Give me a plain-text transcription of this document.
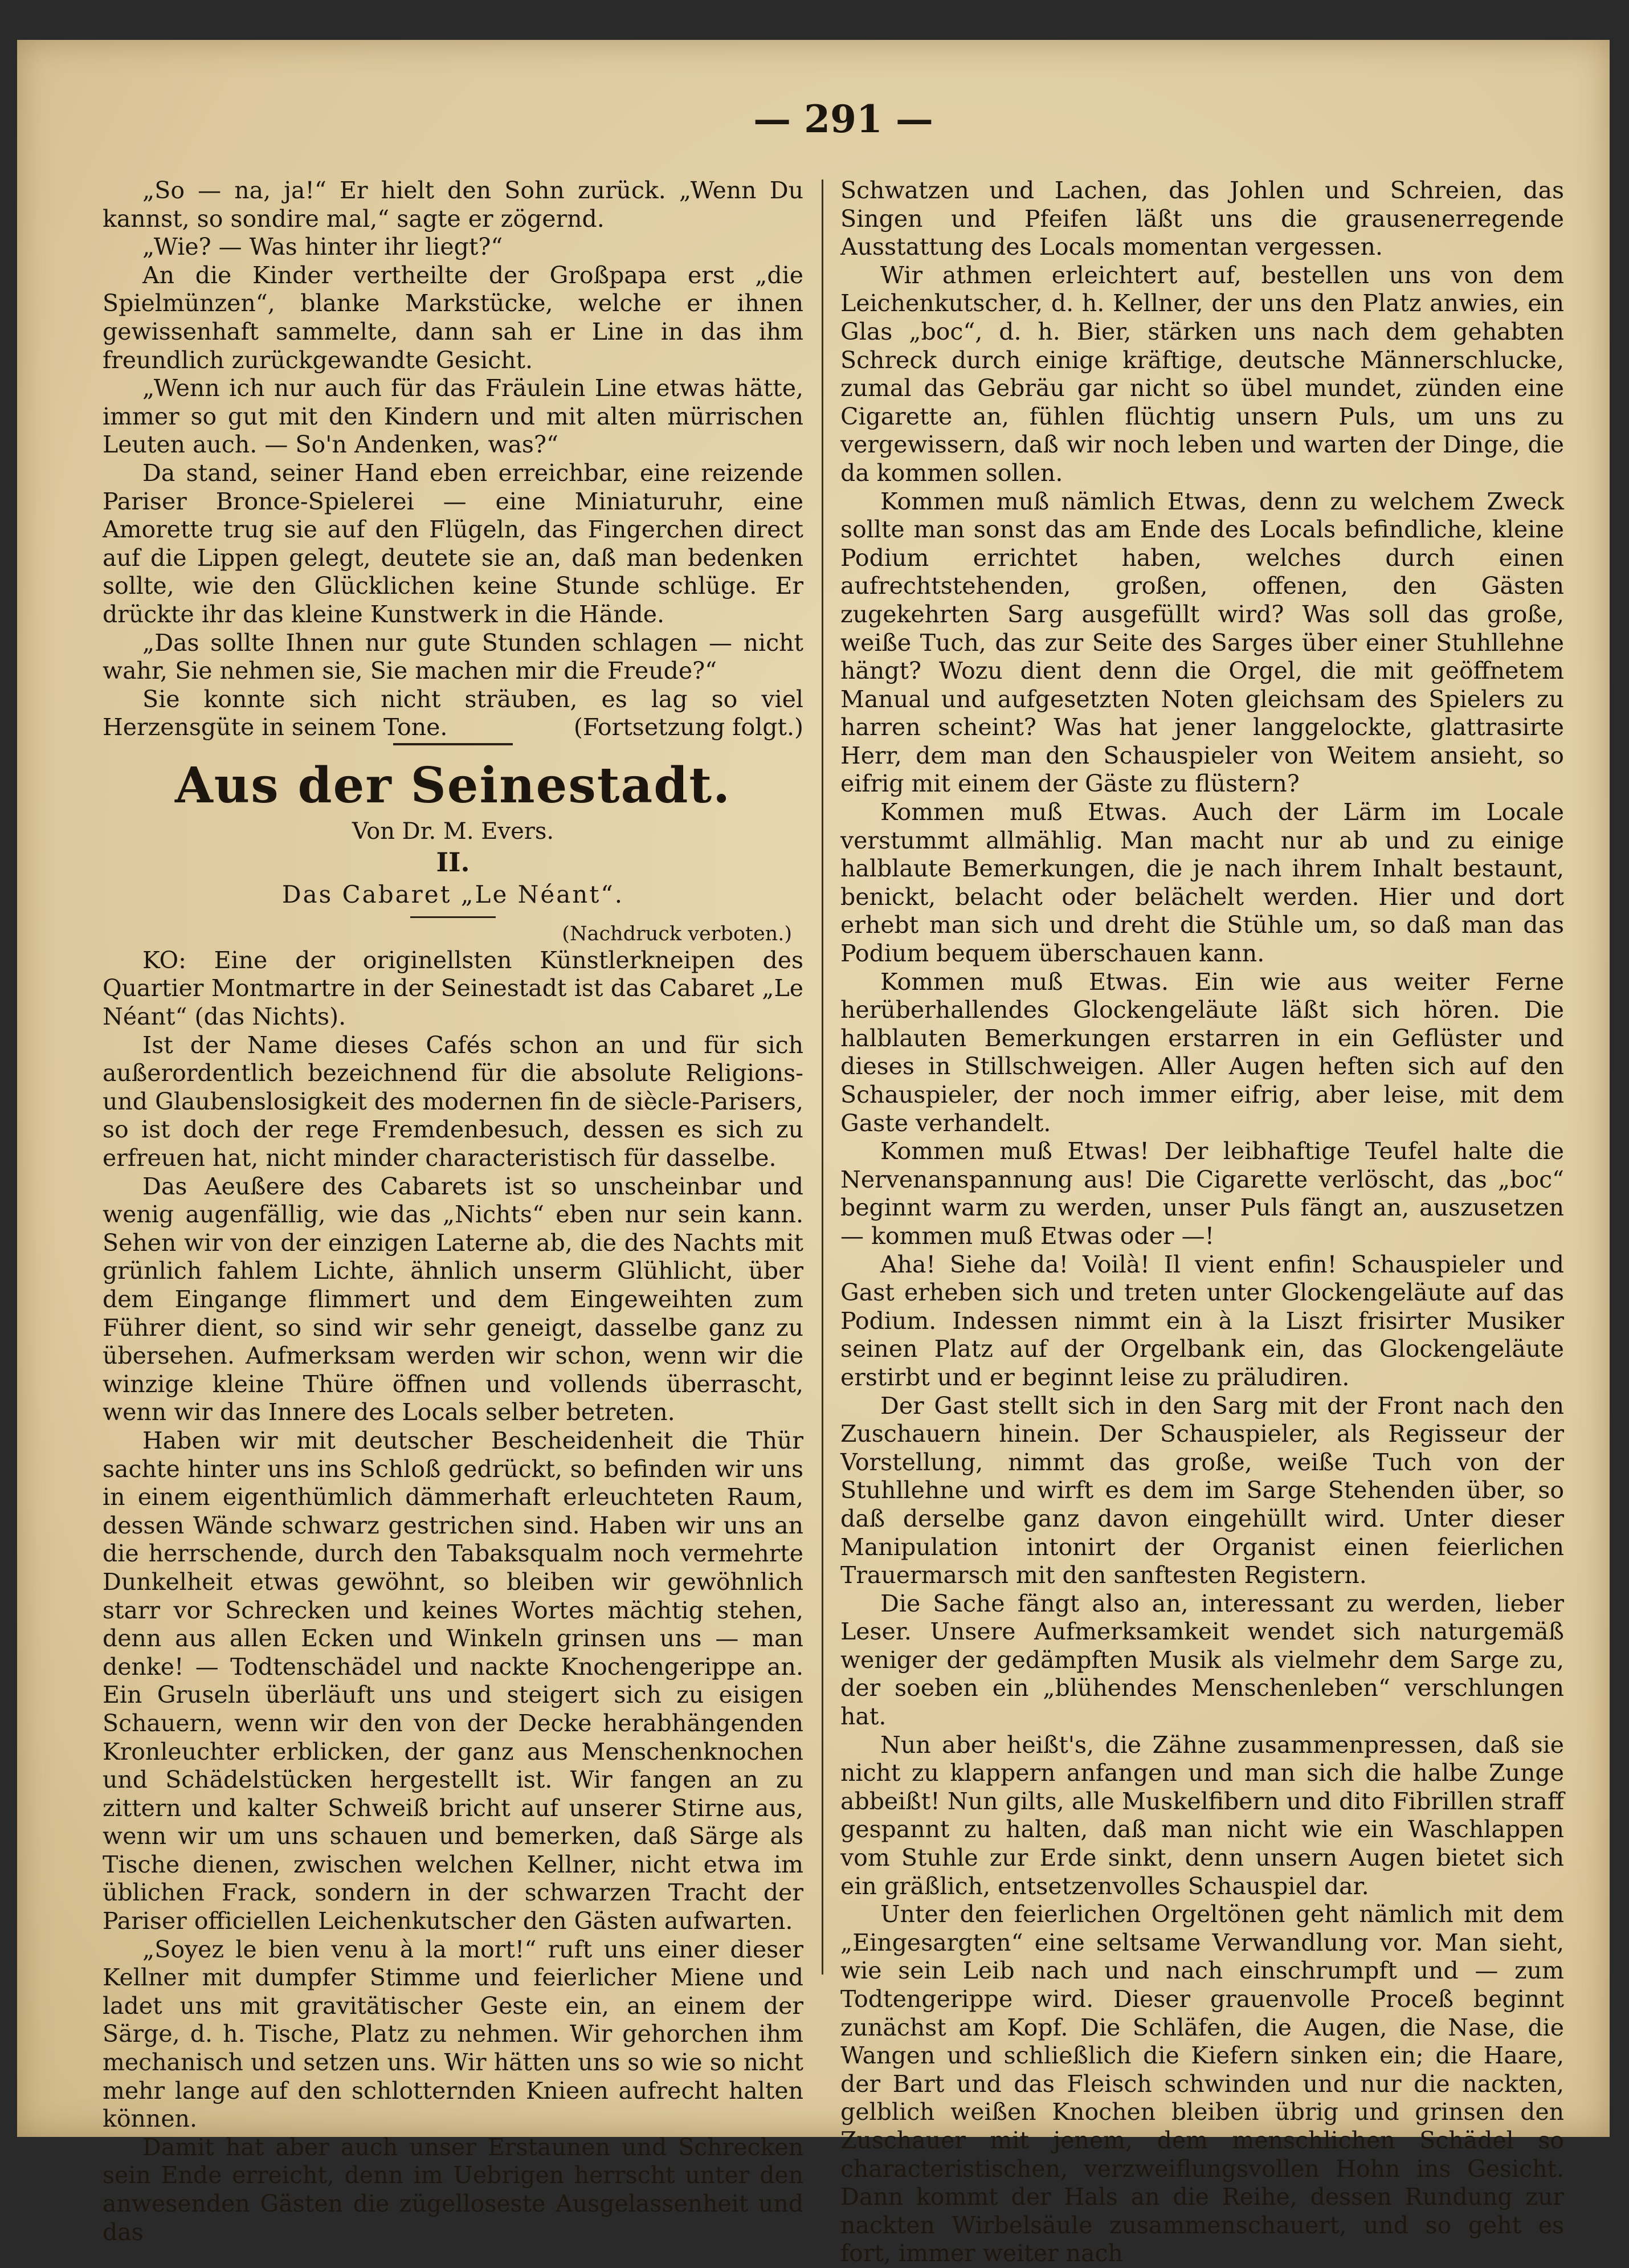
— 291 —

„So — na, ja!“ Er hielt den Sohn zurück. „Wenn Du kannst, so sondire mal,“ sagte er zögernd.

„Wie? — Was hinter ihr liegt?“

An die Kinder vertheilte der Großpapa erst „die Spielmünzen“, blanke Markstücke, welche er ihnen gewissenhaft sammelte, dann sah er Line in das ihm freundlich zurückgewandte Gesicht.

„Wenn ich nur auch für das Fräulein Line etwas hätte, immer so gut mit den Kindern und mit alten mürrischen Leuten auch. — So'n Andenken, was?“

Da stand, seiner Hand eben erreichbar, eine reizende Pariser Bronce-Spielerei — eine Miniaturuhr, eine Amorette trug sie auf den Flügeln, das Fingerchen direct auf die Lippen gelegt, deutete sie an, daß man bedenken sollte, wie den Glücklichen keine Stunde schlüge. Er drückte ihr das kleine Kunstwerk in die Hände.

„Das sollte Ihnen nur gute Stunden schlagen — nicht wahr, Sie nehmen sie, Sie machen mir die Freude?“

Sie konnte sich nicht sträuben, es lag so viel Herzensgüte in seinem Tone.	(Fortsetzung folgt.)

Aus der Seinestadt.
Von Dr. M. Evers.
II.
Das Cabaret „Le Néant“.
(Nachdruck verboten.)

KO: Eine der originellsten Künstlerkneipen des Quartier Montmartre in der Seinestadt ist das Cabaret „Le Néant“ (das Nichts).

Ist der Name dieses Cafés schon an und für sich außerordentlich bezeichnend für die absolute Religions- und Glaubenslosigkeit des modernen fin de siècle-Parisers, so ist doch der rege Fremdenbesuch, dessen es sich zu erfreuen hat, nicht minder characteristisch für dasselbe.

Das Aeußere des Cabarets ist so unscheinbar und wenig augenfällig, wie das „Nichts“ eben nur sein kann. Sehen wir von der einzigen Laterne ab, die des Nachts mit grünlich fahlem Lichte, ähnlich unserm Glühlicht, über dem Eingange flimmert und dem Eingeweihten zum Führer dient, so sind wir sehr geneigt, dasselbe ganz zu übersehen. Aufmerksam werden wir schon, wenn wir die winzige kleine Thüre öffnen und vollends überrascht, wenn wir das Innere des Locals selber betreten.

Haben wir mit deutscher Bescheidenheit die Thür sachte hinter uns ins Schloß gedrückt, so befinden wir uns in einem eigenthümlich dämmerhaft erleuchteten Raum, dessen Wände schwarz gestrichen sind. Haben wir uns an die herrschende, durch den Tabaksqualm noch vermehrte Dunkelheit etwas gewöhnt, so bleiben wir gewöhnlich starr vor Schrecken und keines Wortes mächtig stehen, denn aus allen Ecken und Winkeln grinsen uns — man denke! — Todtenschädel und nackte Knochengerippe an. Ein Gruseln überläuft uns und steigert sich zu eisigen Schauern, wenn wir den von der Decke herabhängenden Kronleuchter erblicken, der ganz aus Menschenknochen und Schädelstücken hergestellt ist. Wir fangen an zu zittern und kalter Schweiß bricht auf unserer Stirne aus, wenn wir um uns schauen und bemerken, daß Särge als Tische dienen, zwischen welchen Kellner, nicht etwa im üblichen Frack, sondern in der schwarzen Tracht der Pariser officiellen Leichenkutscher den Gästen aufwarten.

„Soyez le bien venu à la mort!“ ruft uns einer dieser Kellner mit dumpfer Stimme und feierlicher Miene und ladet uns mit gravitätischer Geste ein, an einem der Särge, d. h. Tische, Platz zu nehmen. Wir gehorchen ihm mechanisch und setzen uns. Wir hätten uns so wie so nicht mehr lange auf den schlotternden Knieen aufrecht halten können.

Damit hat aber auch unser Erstaunen und Schrecken sein Ende erreicht, denn im Uebrigen herrscht unter den anwesenden Gästen die zügelloseste Ausgelassenheit und das

Schwatzen und Lachen, das Johlen und Schreien, das Singen und Pfeifen läßt uns die grausenerregende Ausstattung des Locals momentan vergessen.

Wir athmen erleichtert auf, bestellen uns von dem Leichenkutscher, d. h. Kellner, der uns den Platz anwies, ein Glas „boc“, d. h. Bier, stärken uns nach dem gehabten Schreck durch einige kräftige, deutsche Männerschlucke, zumal das Gebräu gar nicht so übel mundet, zünden eine Cigarette an, fühlen flüchtig unsern Puls, um uns zu vergewissern, daß wir noch leben und warten der Dinge, die da kommen sollen.

Kommen muß nämlich Etwas, denn zu welchem Zweck sollte man sonst das am Ende des Locals befindliche, kleine Podium errichtet haben, welches durch einen aufrechtstehenden, großen, offenen, den Gästen zugekehrten Sarg ausgefüllt wird? Was soll das große, weiße Tuch, das zur Seite des Sarges über einer Stuhllehne hängt? Wozu dient denn die Orgel, die mit geöffnetem Manual und aufgesetzten Noten gleichsam des Spielers zu harren scheint? Was hat jener langgelockte, glattrasirte Herr, dem man den Schauspieler von Weitem ansieht, so eifrig mit einem der Gäste zu flüstern?

Kommen muß Etwas. Auch der Lärm im Locale verstummt allmählig. Man macht nur ab und zu einige halblaute Bemerkungen, die je nach ihrem Inhalt bestaunt, benickt, belacht oder belächelt werden. Hier und dort erhebt man sich und dreht die Stühle um, so daß man das Podium bequem überschauen kann.

Kommen muß Etwas. Ein wie aus weiter Ferne herüberhallendes Glockengeläute läßt sich hören. Die halblauten Bemerkungen erstarren in ein Geflüster und dieses in Stillschweigen. Aller Augen heften sich auf den Schauspieler, der noch immer eifrig, aber leise, mit dem Gaste verhandelt.

Kommen muß Etwas! Der leibhaftige Teufel halte die Nervenanspannung aus! Die Cigarette verlöscht, das „boc“ beginnt warm zu werden, unser Puls fängt an, auszusetzen — kommen muß Etwas oder —!

Aha! Siehe da! Voilà! Il vient enfin! Schauspieler und Gast erheben sich und treten unter Glockengeläute auf das Podium. Indessen nimmt ein à la Liszt frisirter Musiker seinen Platz auf der Orgelbank ein, das Glockengeläute erstirbt und er beginnt leise zu präludiren.

Der Gast stellt sich in den Sarg mit der Front nach den Zuschauern hinein. Der Schauspieler, als Regisseur der Vorstellung, nimmt das große, weiße Tuch von der Stuhllehne und wirft es dem im Sarge Stehenden über, so daß derselbe ganz davon eingehüllt wird. Unter dieser Manipulation intonirt der Organist einen feierlichen Trauermarsch mit den sanftesten Registern.

Die Sache fängt also an, interessant zu werden, lieber Leser. Unsere Aufmerksamkeit wendet sich naturgemäß weniger der gedämpften Musik als vielmehr dem Sarge zu, der soeben ein „blühendes Menschenleben“ verschlungen hat.

Nun aber heißt's, die Zähne zusammenpressen, daß sie nicht zu klappern anfangen und man sich die halbe Zunge abbeißt! Nun gilts, alle Muskelfibern und dito Fibrillen straff gespannt zu halten, daß man nicht wie ein Waschlappen vom Stuhle zur Erde sinkt, denn unsern Augen bietet sich ein gräßlich, entsetzenvolles Schauspiel dar.

Unter den feierlichen Orgeltönen geht nämlich mit dem „Eingesargten“ eine seltsame Verwandlung vor. Man sieht, wie sein Leib nach und nach einschrumpft und — zum Todtengerippe wird. Dieser grauenvolle Proceß beginnt zunächst am Kopf. Die Schläfen, die Augen, die Nase, die Wangen und schließlich die Kiefern sinken ein; die Haare, der Bart und das Fleisch schwinden und nur die nackten, gelblich weißen Knochen bleiben übrig und grinsen den Zuschauer mit jenem, dem menschlichen Schädel so characteristischen, verzweiflungsvollen Hohn ins Gesicht. Dann kommt der Hals an die Reihe, dessen Rundung zur nackten Wirbelsäule zusammenschauert, und so geht es fort, immer weiter nach
